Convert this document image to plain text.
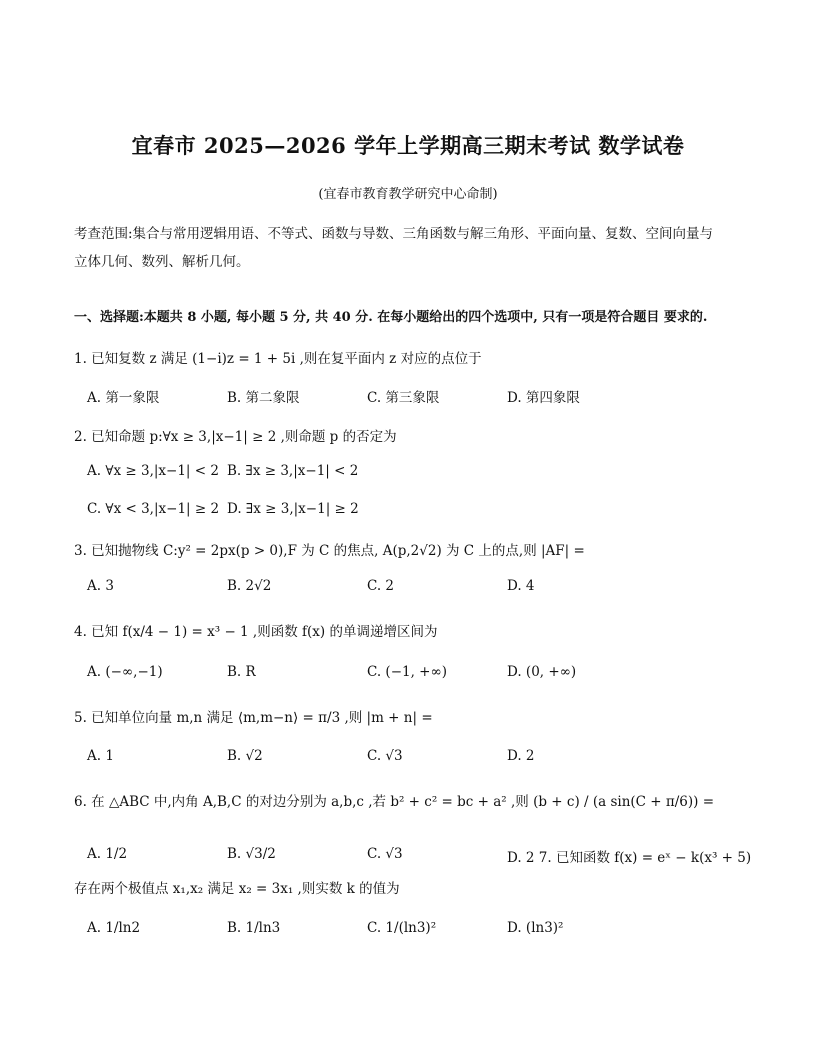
宜春市 2025—2026 学年上学期高三期末考试 数学试卷
(宜春市教育教学研究中心命制)
考查范围:集合与常用逻辑用语、不等式、函数与导数、三角函数与解三角形、平面向量、复数、空间向量与
立体几何、数列、解析几何。
一、选择题:本题共 8 小题, 每小题 5 分, 共 40 分. 在每小题给出的四个选项中, 只有一项是符合题目 要求的.
1. 已知复数 z 满足 (1−i)z = 1 + 5i ,则在复平面内 z 对应的点位于
A. 第一象限	B. 第二象限	C. 第三象限	D. 第四象限
2. 已知命题 p:∀x ≥ 3,|x−1| ≥ 2 ,则命题 p 的否定为
A. ∀x ≥ 3,|x−1| < 2 B. ∃x ≥ 3,|x−1| < 2
C. ∀x < 3,|x−1| ≥ 2 D. ∃x ≥ 3,|x−1| ≥ 2
3. 已知抛物线 C:y² = 2px(p > 0),F 为 C 的焦点, A(p,2√2) 为 C 上的点,则 |AF| =
A. 3	B. 2√2	C. 2	D. 4
4. 已知 f(x/4 − 1) = x³ − 1 ,则函数 f(x) 的单调递增区间为
A. (−∞,−1)	B. R	C. (−1, +∞)	D. (0, +∞)
5. 已知单位向量 m,n 满足 ⟨m,m−n⟩ = π/3 ,则 |m + n| =
A. 1	B. √2	C. √3	D. 2
6. 在 △ABC 中,内角 A,B,C 的对边分别为 a,b,c ,若 b² + c² = bc + a² ,则 (b + c) / (a sin(C + π/6)) =
A. 1/2	B. √3/2	C. √3	D. 2 7. 已知函数 f(x) = eˣ − k(x³ + 5)
存在两个极值点 x₁,x₂ 满足 x₂ = 3x₁ ,则实数 k 的值为
A. 1/ln2	B. 1/ln3	C. 1/(ln3)²	D. (ln3)²
